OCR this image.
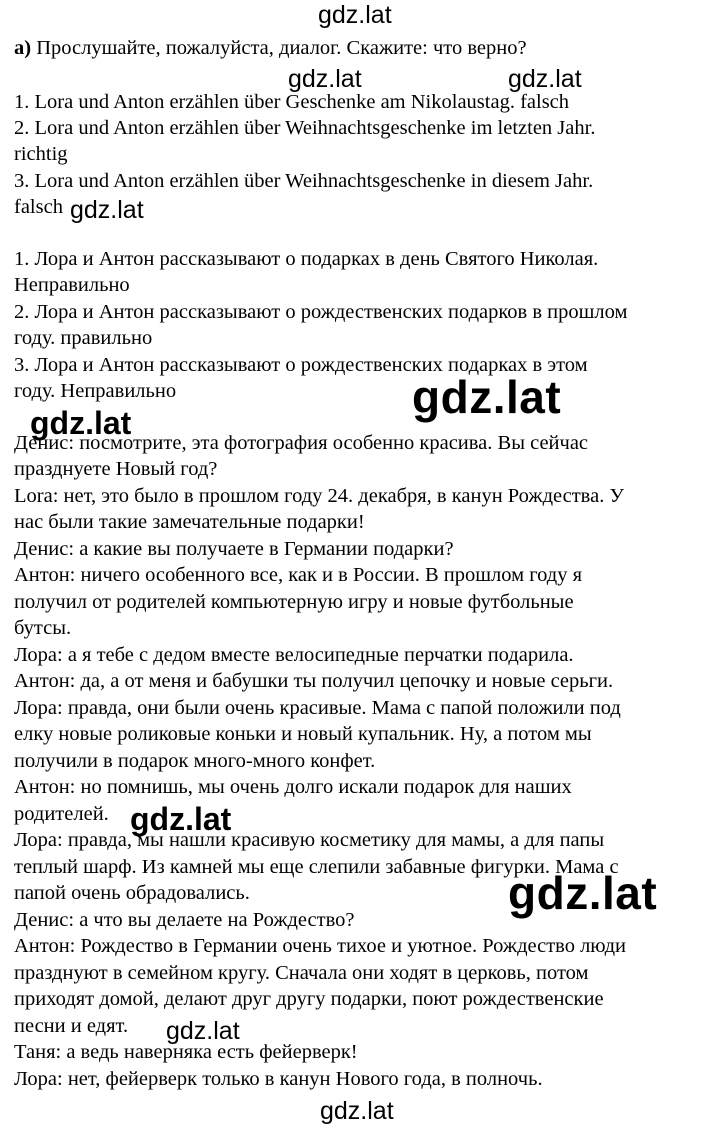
а) Прослушайте, пожалуйста, диалог. Скажите: что верно?
1. Lora und Anton erzählen über Geschenke am Nikolaustag. falsch
2. Lora und Anton erzählen über Weihnachtsgeschenke im letzten Jahr.
richtig
3. Lora und Anton erzählen über Weihnachtsgeschenke in diesem Jahr.
falsch
1. Лора и Антон рассказывают о подарках в день Святого Николая.
Неправильно
2. Лора и Антон рассказывают о рождественских подарков в прошлом
году. правильно
3. Лора и Антон рассказывают о рождественских подарках в этом
году. Неправильно
Денис: посмотрите, эта фотография особенно красива. Вы сейчас
празднуете Новый год?
Lora: нет, это было в прошлом году 24. декабря, в канун Рождества. У
нас были такие замечательные подарки!
Денис: а какие вы получаете в Германии подарки?
Антон: ничего особенного все, как и в России. В прошлом году я
получил от родителей компьютерную игру и новые футбольные
бутсы.
Лора: а я тебе с дедом вместе велосипедные перчатки подарила.
Антон: да, а от меня и бабушки ты получил цепочку и новые серьги.
Лора: правда, они были очень красивые. Мама с папой положили под
елку новые роликовые коньки и новый купальник. Ну, а потом мы
получили в подарок много-много конфет.
Антон: но помнишь, мы очень долго искали подарок для наших
родителей.
Лора: правда, мы нашли красивую косметику для мамы, а для папы
теплый шарф. Из камней мы еще слепили забавные фигурки. Мама с
папой очень обрадовались.
Денис: а что вы делаете на Рождество?
Антон: Рождество в Германии очень тихое и уютное. Рождество люди
празднуют в семейном кругу. Сначала они ходят в церковь, потом
приходят домой, делают друг другу подарки, поют рождественские
песни и едят.
Таня: а ведь наверняка есть фейерверк!
Лора: нет, фейерверк только в канун Нового года, в полночь.
gdz.lat
gdz.lat	gdz.lat
gdz.lat
gdz.lat	gdz.lat
gdz.lat
gdz.lat
gdz.lat
gdz.lat
